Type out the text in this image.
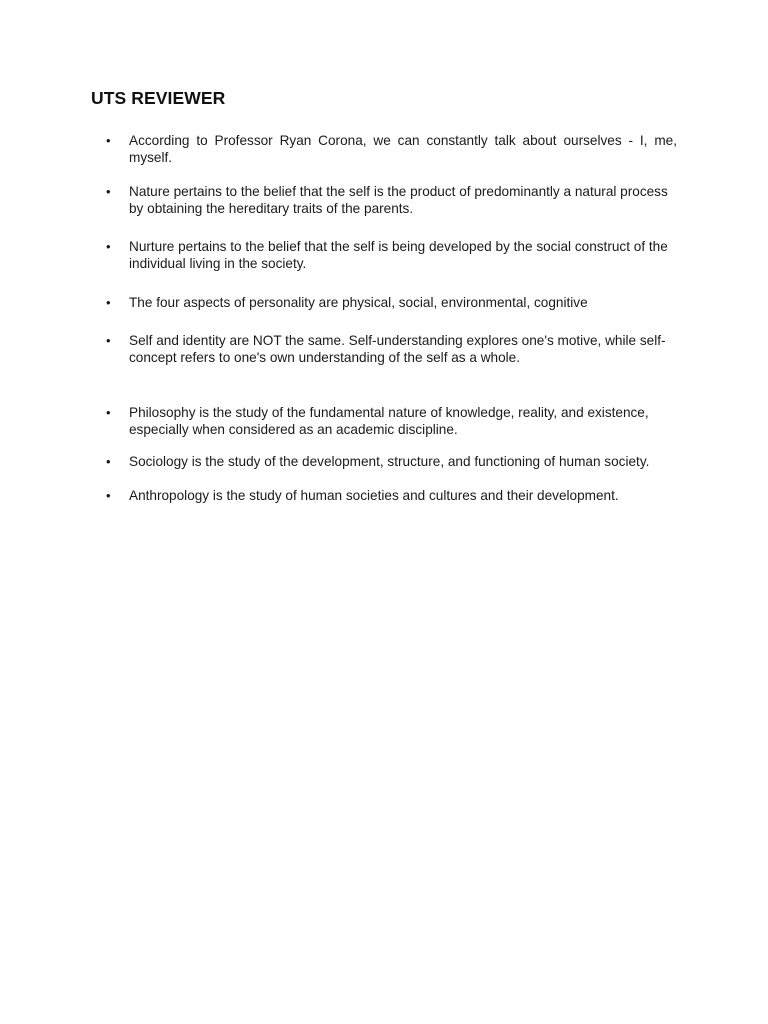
UTS REVIEWER
•	According to Professor Ryan Corona, we can constantly talk about ourselves - I, me, myself.
•	Nature pertains to the belief that the self is the product of predominantly a natural process by obtaining the hereditary traits of the parents.
•	Nurture pertains to the belief that the self is being developed by the social construct of the individual living in the society.
•	The four aspects of personality are physical, social, environmental, cognitive
•	Self and identity are NOT the same. Self-understanding explores one's motive, while self-concept refers to one's own understanding of the self as a whole.
•	Philosophy is the study of the fundamental nature of knowledge, reality, and existence, especially when considered as an academic discipline.
•	Sociology is the study of the development, structure, and functioning of human society.
•	Anthropology is the study of human societies and cultures and their development.
